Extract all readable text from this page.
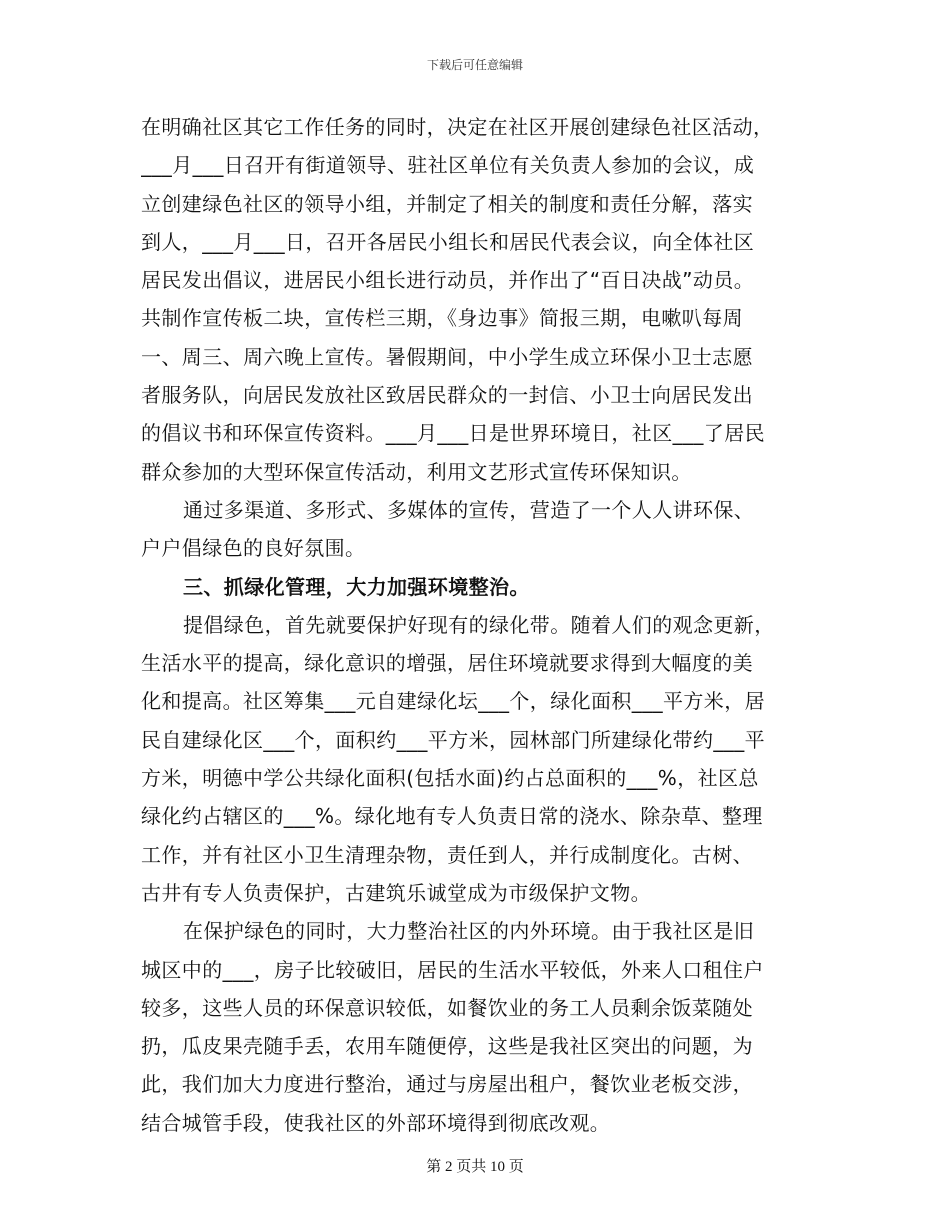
下载后可任意编辑
在明确社区其它工作任务的同时，决定在社区开展创建绿色社区活动，
___月___日召开有街道领导、驻社区单位有关负责人参加的会议，成
立创建绿色社区的领导小组，并制定了相关的制度和责任分解，落实
到人，___月___日，召开各居民小组长和居民代表会议，向全体社区
居民发出倡议，进居民小组长进行动员，并作出了“百日决战”动员。
共制作宣传板二块，宣传栏三期，《身边事》简报三期，电嗽叭每周
一、周三、周六晚上宣传。暑假期间，中小学生成立环保小卫士志愿
者服务队，向居民发放社区致居民群众的一封信、小卫士向居民发出
的倡议书和环保宣传资料。___月___日是世界环境日，社区___了居民
群众参加的大型环保宣传活动，利用文艺形式宣传环保知识。
通过多渠道、多形式、多媒体的宣传，营造了一个人人讲环保、
户户倡绿色的良好氛围。
三、抓绿化管理，大力加强环境整治。
提倡绿色，首先就要保护好现有的绿化带。随着人们的观念更新，
生活水平的提高，绿化意识的增强，居住环境就要求得到大幅度的美
化和提高。社区筹集___元自建绿化坛___个，绿化面积___平方米，居
民自建绿化区___个，面积约___平方米，园林部门所建绿化带约___平
方米，明德中学公共绿化面积(包括水面)约占总面积的___%，社区总
绿化约占辖区的___%。绿化地有专人负责日常的浇水、除杂草、整理
工作，并有社区小卫生清理杂物，责任到人，并行成制度化。古树、
古井有专人负责保护，古建筑乐诚堂成为市级保护文物。
在保护绿色的同时，大力整治社区的内外环境。由于我社区是旧
城区中的___，房子比较破旧，居民的生活水平较低，外来人口租住户
较多，这些人员的环保意识较低，如餐饮业的务工人员剩余饭菜随处
扔，瓜皮果壳随手丢，农用车随便停，这些是我社区突出的问题，为
此，我们加大力度进行整治，通过与房屋出租户，餐饮业老板交涉，
结合城管手段，使我社区的外部环境得到彻底改观。
第 2 页共 10 页
